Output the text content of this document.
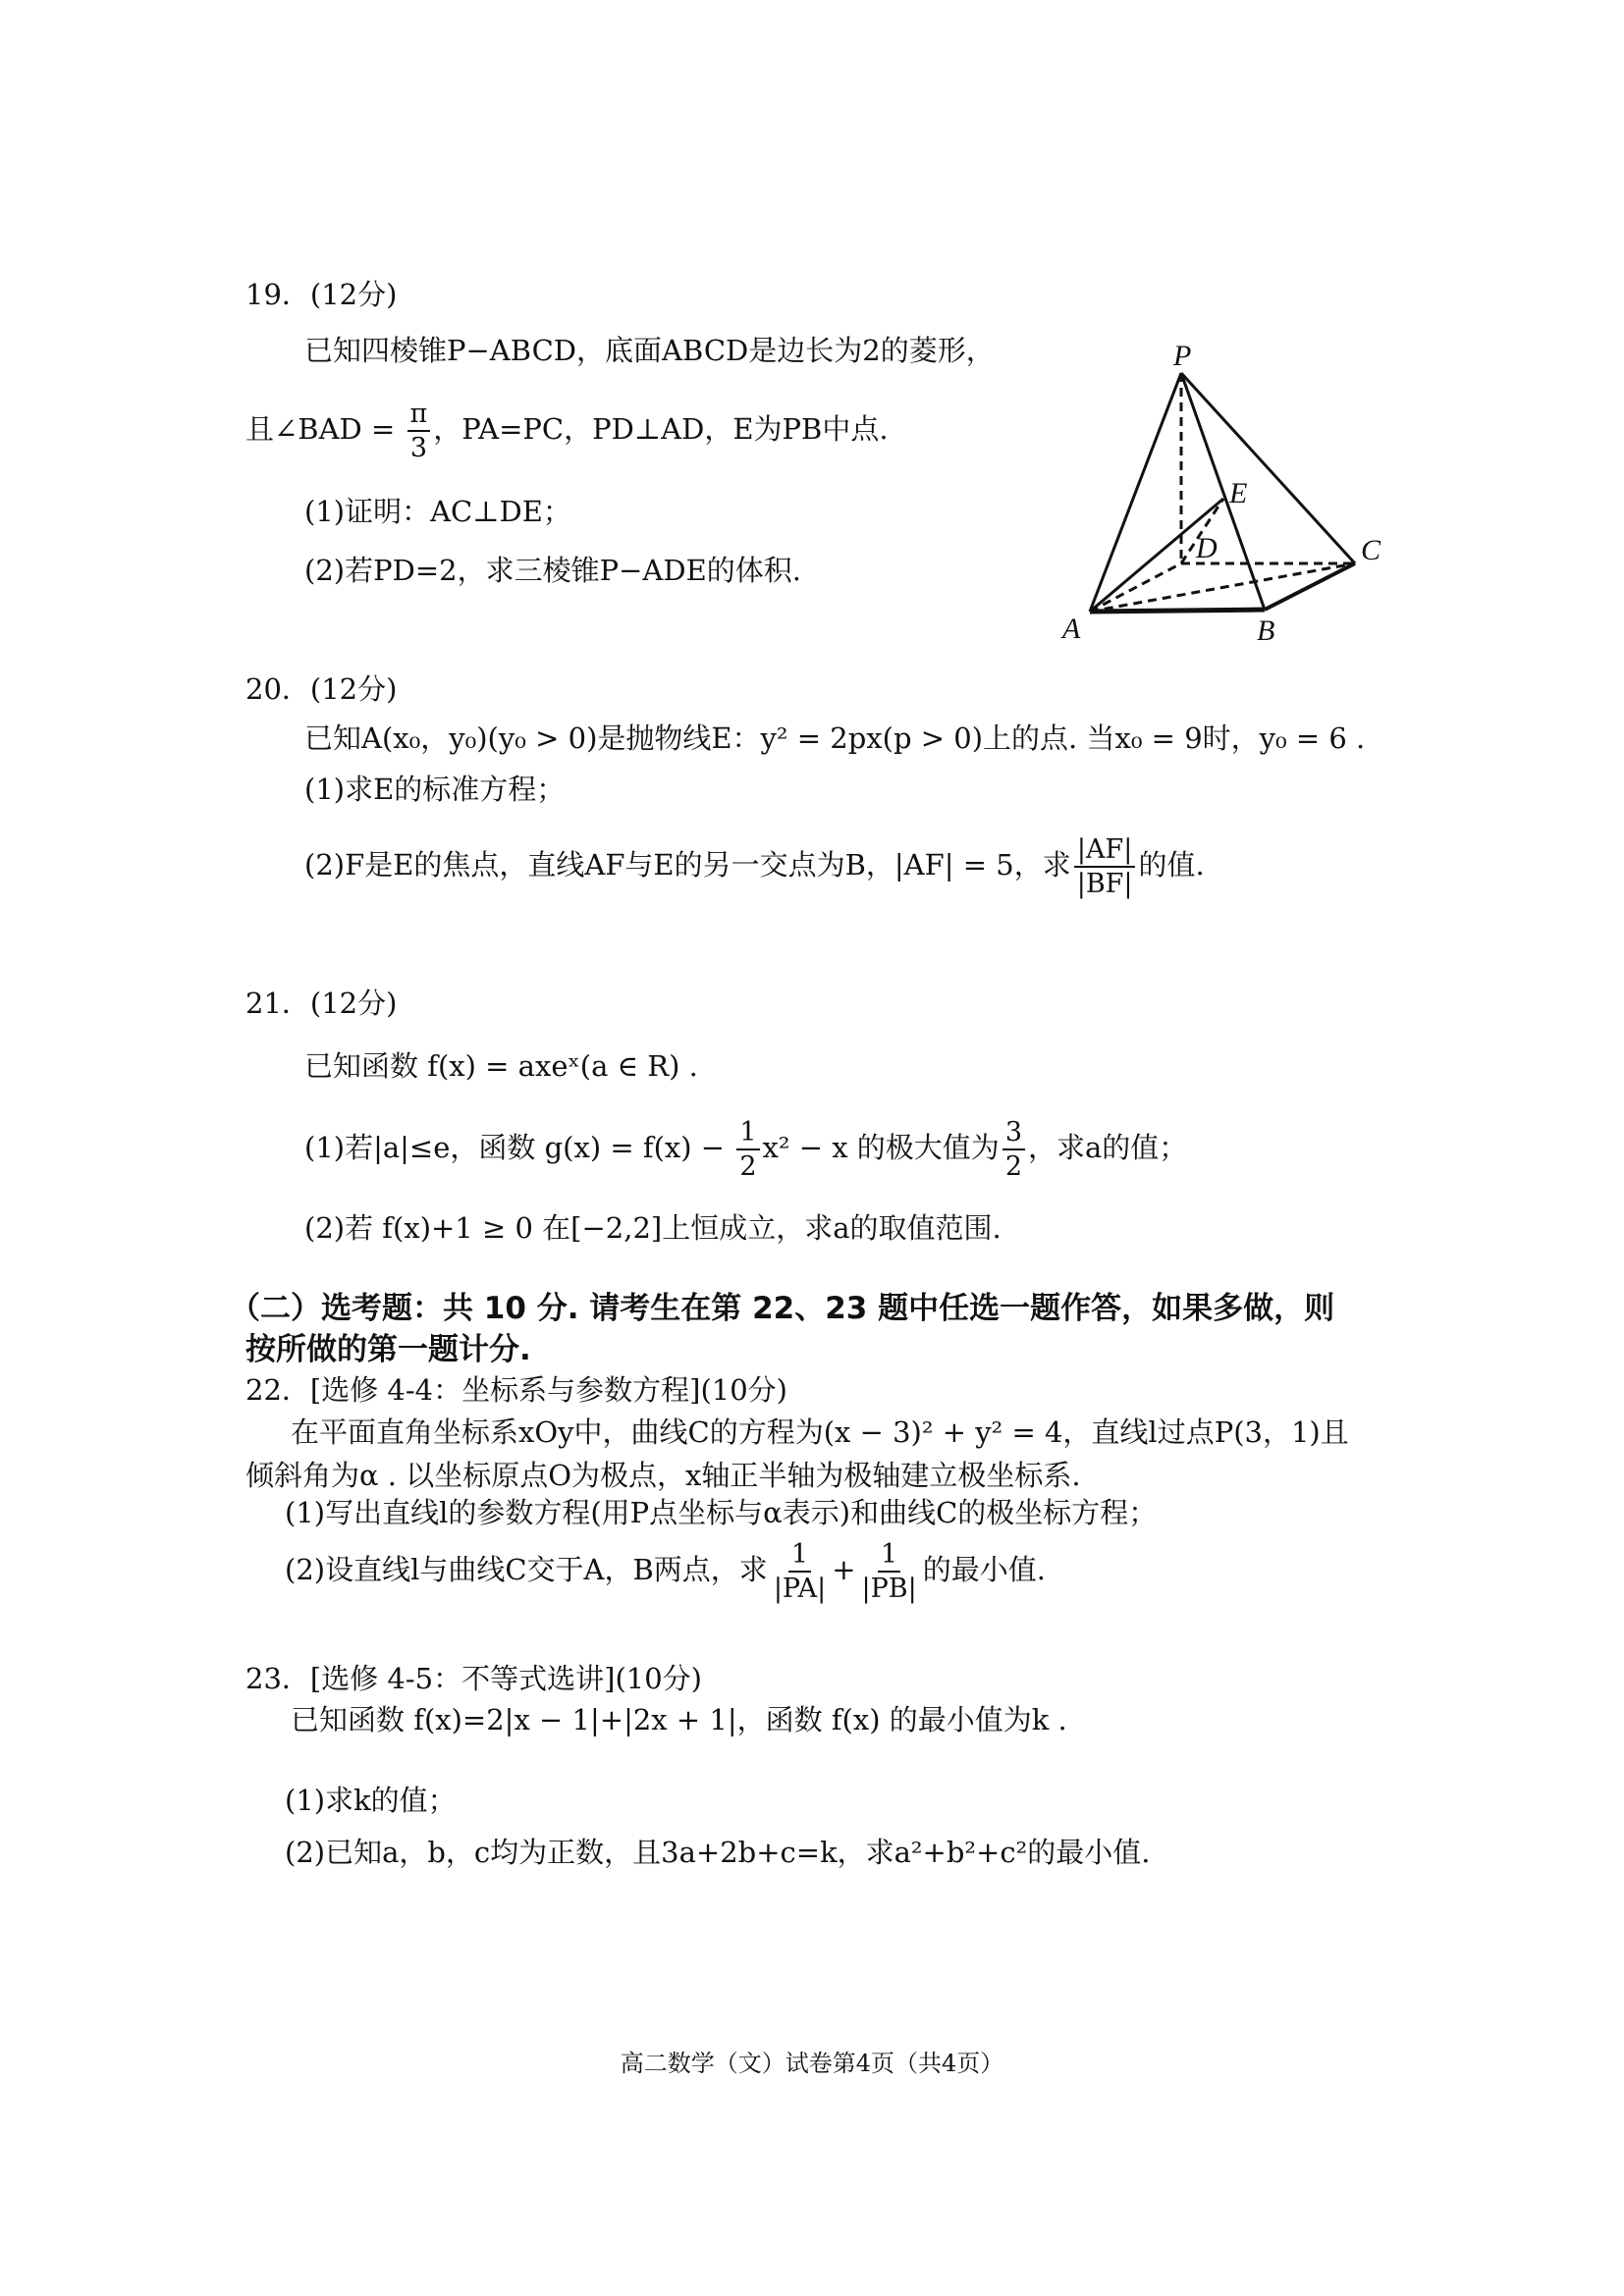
19．(12分)
已知四棱锥P−ABCD，底面ABCD是边长为2的菱形，
且∠BAD = $\frac{\pi}{3}$ ，PA=PC，PD⊥AD，E为PB中点.
(1)证明：AC⊥DE；
(2)若PD=2，求三棱锥P−ADE的体积.
P
A	B
C
D
E
20．(12分)
已知A(x₀，y₀)(y₀ > 0)是抛物线E：y² = 2px(p > 0)上的点. 当x₀ = 9时，y₀ = 6 .
(1)求E的标准方程；
(2)F是E的焦点，直线AF与E的另一交点为B，|AF| = 5，求 $\frac{|AF|}{|BF|}$ 的值.
21．(12分)
已知函数 f(x) = axeˣ(a ∈ R) .
(1)若|a|≤e，函数 $g(x) = f(x) - \frac{1}{2} x^2 - x$ 的极大值为 $\frac{3}{2}$ ，求a的值；
(2)若 f(x)+1 ≥ 0 在[−2,2]上恒成立，求a的取值范围.
（二）选考题：共 10 分. 请考生在第 22、23 题中任选一题作答，如果多做，则
按所做的第一题计分.
22．[选修 4-4：坐标系与参数方程](10分)
在平面直角坐标系xOy中，曲线C的方程为(x − 3)² + y² = 4，直线l过点P(3，1)且
倾斜角为α . 以坐标原点O为极点，x轴正半轴为极轴建立极坐标系.
(1)写出直线l的参数方程(用P点坐标与α表示)和曲线C的极坐标方程；
(2)设直线l与曲线C交于A，B两点，求 $\frac{1}{|PA|} + \frac{1}{|PB|}$ 的最小值.
23．[选修 4-5：不等式选讲](10分)
已知函数 f(x)=2|x − 1|+|2x + 1|，函数 f(x) 的最小值为k .
(1)求k的值；
(2)已知a，b，c均为正数，且3a+2b+c=k，求a²+b²+c²的最小值.
高二数学（文）试卷第4页（共4页）
